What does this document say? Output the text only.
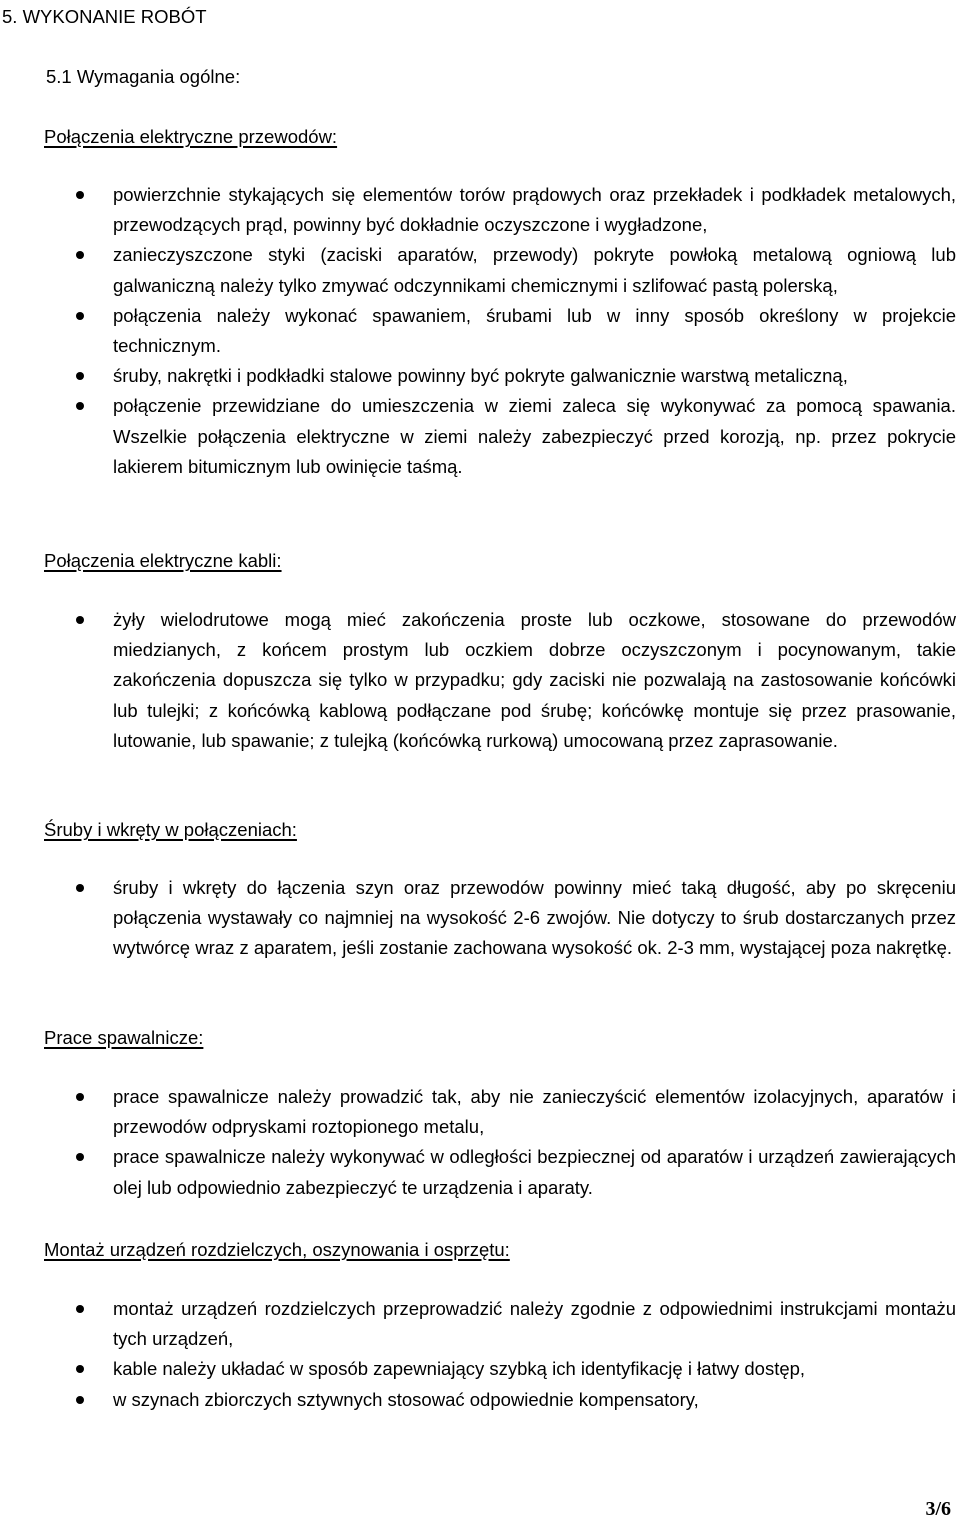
5. WYKONANIE ROBÓT
5.1 Wymagania ogólne:
Połączenia elektryczne przewodów:
powierzchnie stykających się elementów torów prądowych oraz przekładek i podkładek metalowych, przewodzących prąd, powinny być dokładnie oczyszczone i wygładzone,
zanieczyszczone styki (zaciski aparatów, przewody) pokryte powłoką metalową ogniową lub galwaniczną należy tylko zmywać odczynnikami chemicznymi i szlifować pastą polerską,
połączenia należy wykonać spawaniem, śrubami lub w inny sposób określony w projekcie technicznym.
śruby, nakrętki i podkładki stalowe powinny być pokryte galwanicznie warstwą metaliczną,
połączenie przewidziane do umieszczenia w ziemi zaleca się wykonywać za pomocą spawania. Wszelkie połączenia elektryczne w ziemi należy zabezpieczyć przed korozją, np. przez pokrycie lakierem bitumicznym lub owinięcie taśmą.
Połączenia elektryczne kabli:
żyły wielodrutowe mogą mieć zakończenia proste lub oczkowe, stosowane do przewodów miedzianych, z końcem prostym lub oczkiem dobrze oczyszczonym i pocynowanym, takie zakończenia dopuszcza się tylko w przypadku; gdy zaciski nie pozwalają na zastosowanie końcówki lub tulejki; z końcówką kablową podłączane pod śrubę; końcówkę montuje się przez prasowanie, lutowanie, lub spawanie; z tulejką (końcówką rurkową) umocowaną przez zaprasowanie.
Śruby i wkręty w połączeniach:
śruby i wkręty do łączenia szyn oraz przewodów powinny mieć taką długość, aby po skręceniu połączenia wystawały co najmniej na wysokość 2-6 zwojów. Nie dotyczy to śrub dostarczanych przez wytwórcę wraz z aparatem, jeśli zostanie zachowana wysokość ok. 2-3 mm, wystającej poza nakrętkę.
Prace spawalnicze:
prace spawalnicze należy prowadzić tak, aby nie zanieczyścić elementów izolacyjnych, aparatów i przewodów odpryskami roztopionego metalu,
prace spawalnicze należy wykonywać w odległości bezpiecznej od aparatów i urządzeń zawierających olej lub odpowiednio zabezpieczyć te urządzenia i aparaty.
Montaż urządzeń rozdzielczych, oszynowania i osprzętu:
montaż urządzeń rozdzielczych przeprowadzić należy zgodnie z odpowiednimi instrukcjami montażu tych urządzeń,
kable należy układać w sposób zapewniający szybką ich identyfikację i łatwy dostęp,
w szynach zbiorczych sztywnych stosować odpowiednie kompensatory,
3/6
